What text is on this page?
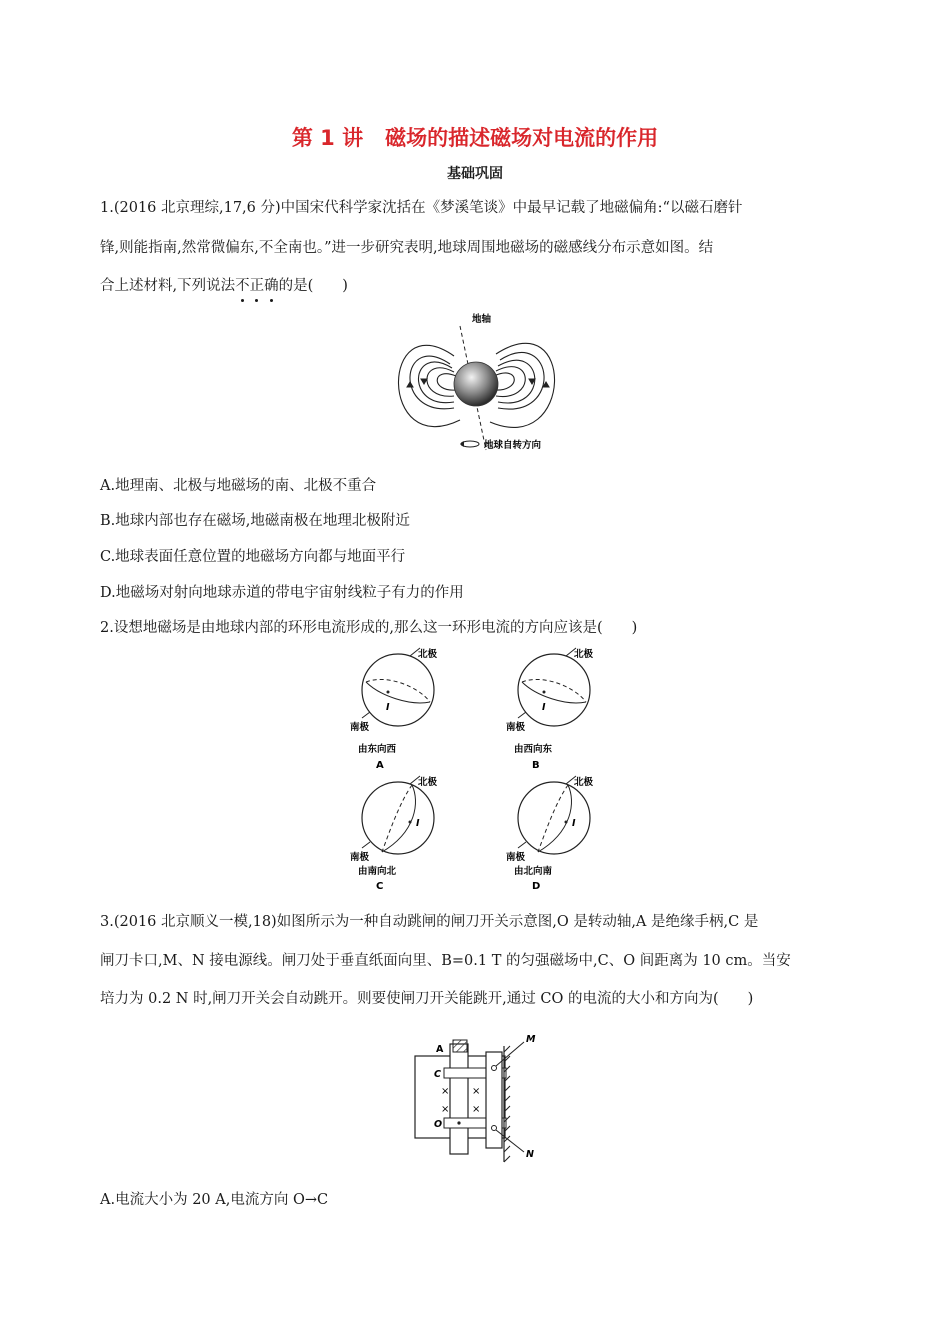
第 1 讲 磁场的描述磁场对电流的作用
基础巩固
1.(2016 北京理综,17,6 分)中国宋代科学家沈括在《梦溪笔谈》中最早记载了地磁偏角:“以磁石磨针
锋,则能指南,然常微偏东,不全南也。”进一步研究表明,地球周围地磁场的磁感线分布示意如图。结
合上述材料,下列说法不正确的是(　　)
地轴
地球自转方向
A.地理南、北极与地磁场的南、北极不重合
B.地球内部也存在磁场,地磁南极在地理北极附近
C.地球表面任意位置的地磁场方向都与地面平行
D.地磁场对射向地球赤道的带电宇宙射线粒子有力的作用
2.设想地磁场是由地球内部的环形电流形成的,那么这一环形电流的方向应该是(　　)
北极
I
南极
由东向西
A
北极
I
南极
由西向东
B
北极
I
南极
由南向北
C
北极
I
南极
由北向南
D
3.(2016 北京顺义一模,18)如图所示为一种自动跳闸的闸刀开关示意图,O 是转动轴,A 是绝缘手柄,C 是
闸刀卡口,M、N 接电源线。闸刀处于垂直纸面向里、B=0.1 T 的匀强磁场中,C、O 间距离为 10 cm。当安
培力为 0.2 N 时,闸刀开关会自动跳开。则要使闸刀开关能跳开,通过 CO 的电流的大小和方向为(　　)
M
N
A
C
O
× ×
× ×
A.电流大小为 20 A,电流方向 O→C
